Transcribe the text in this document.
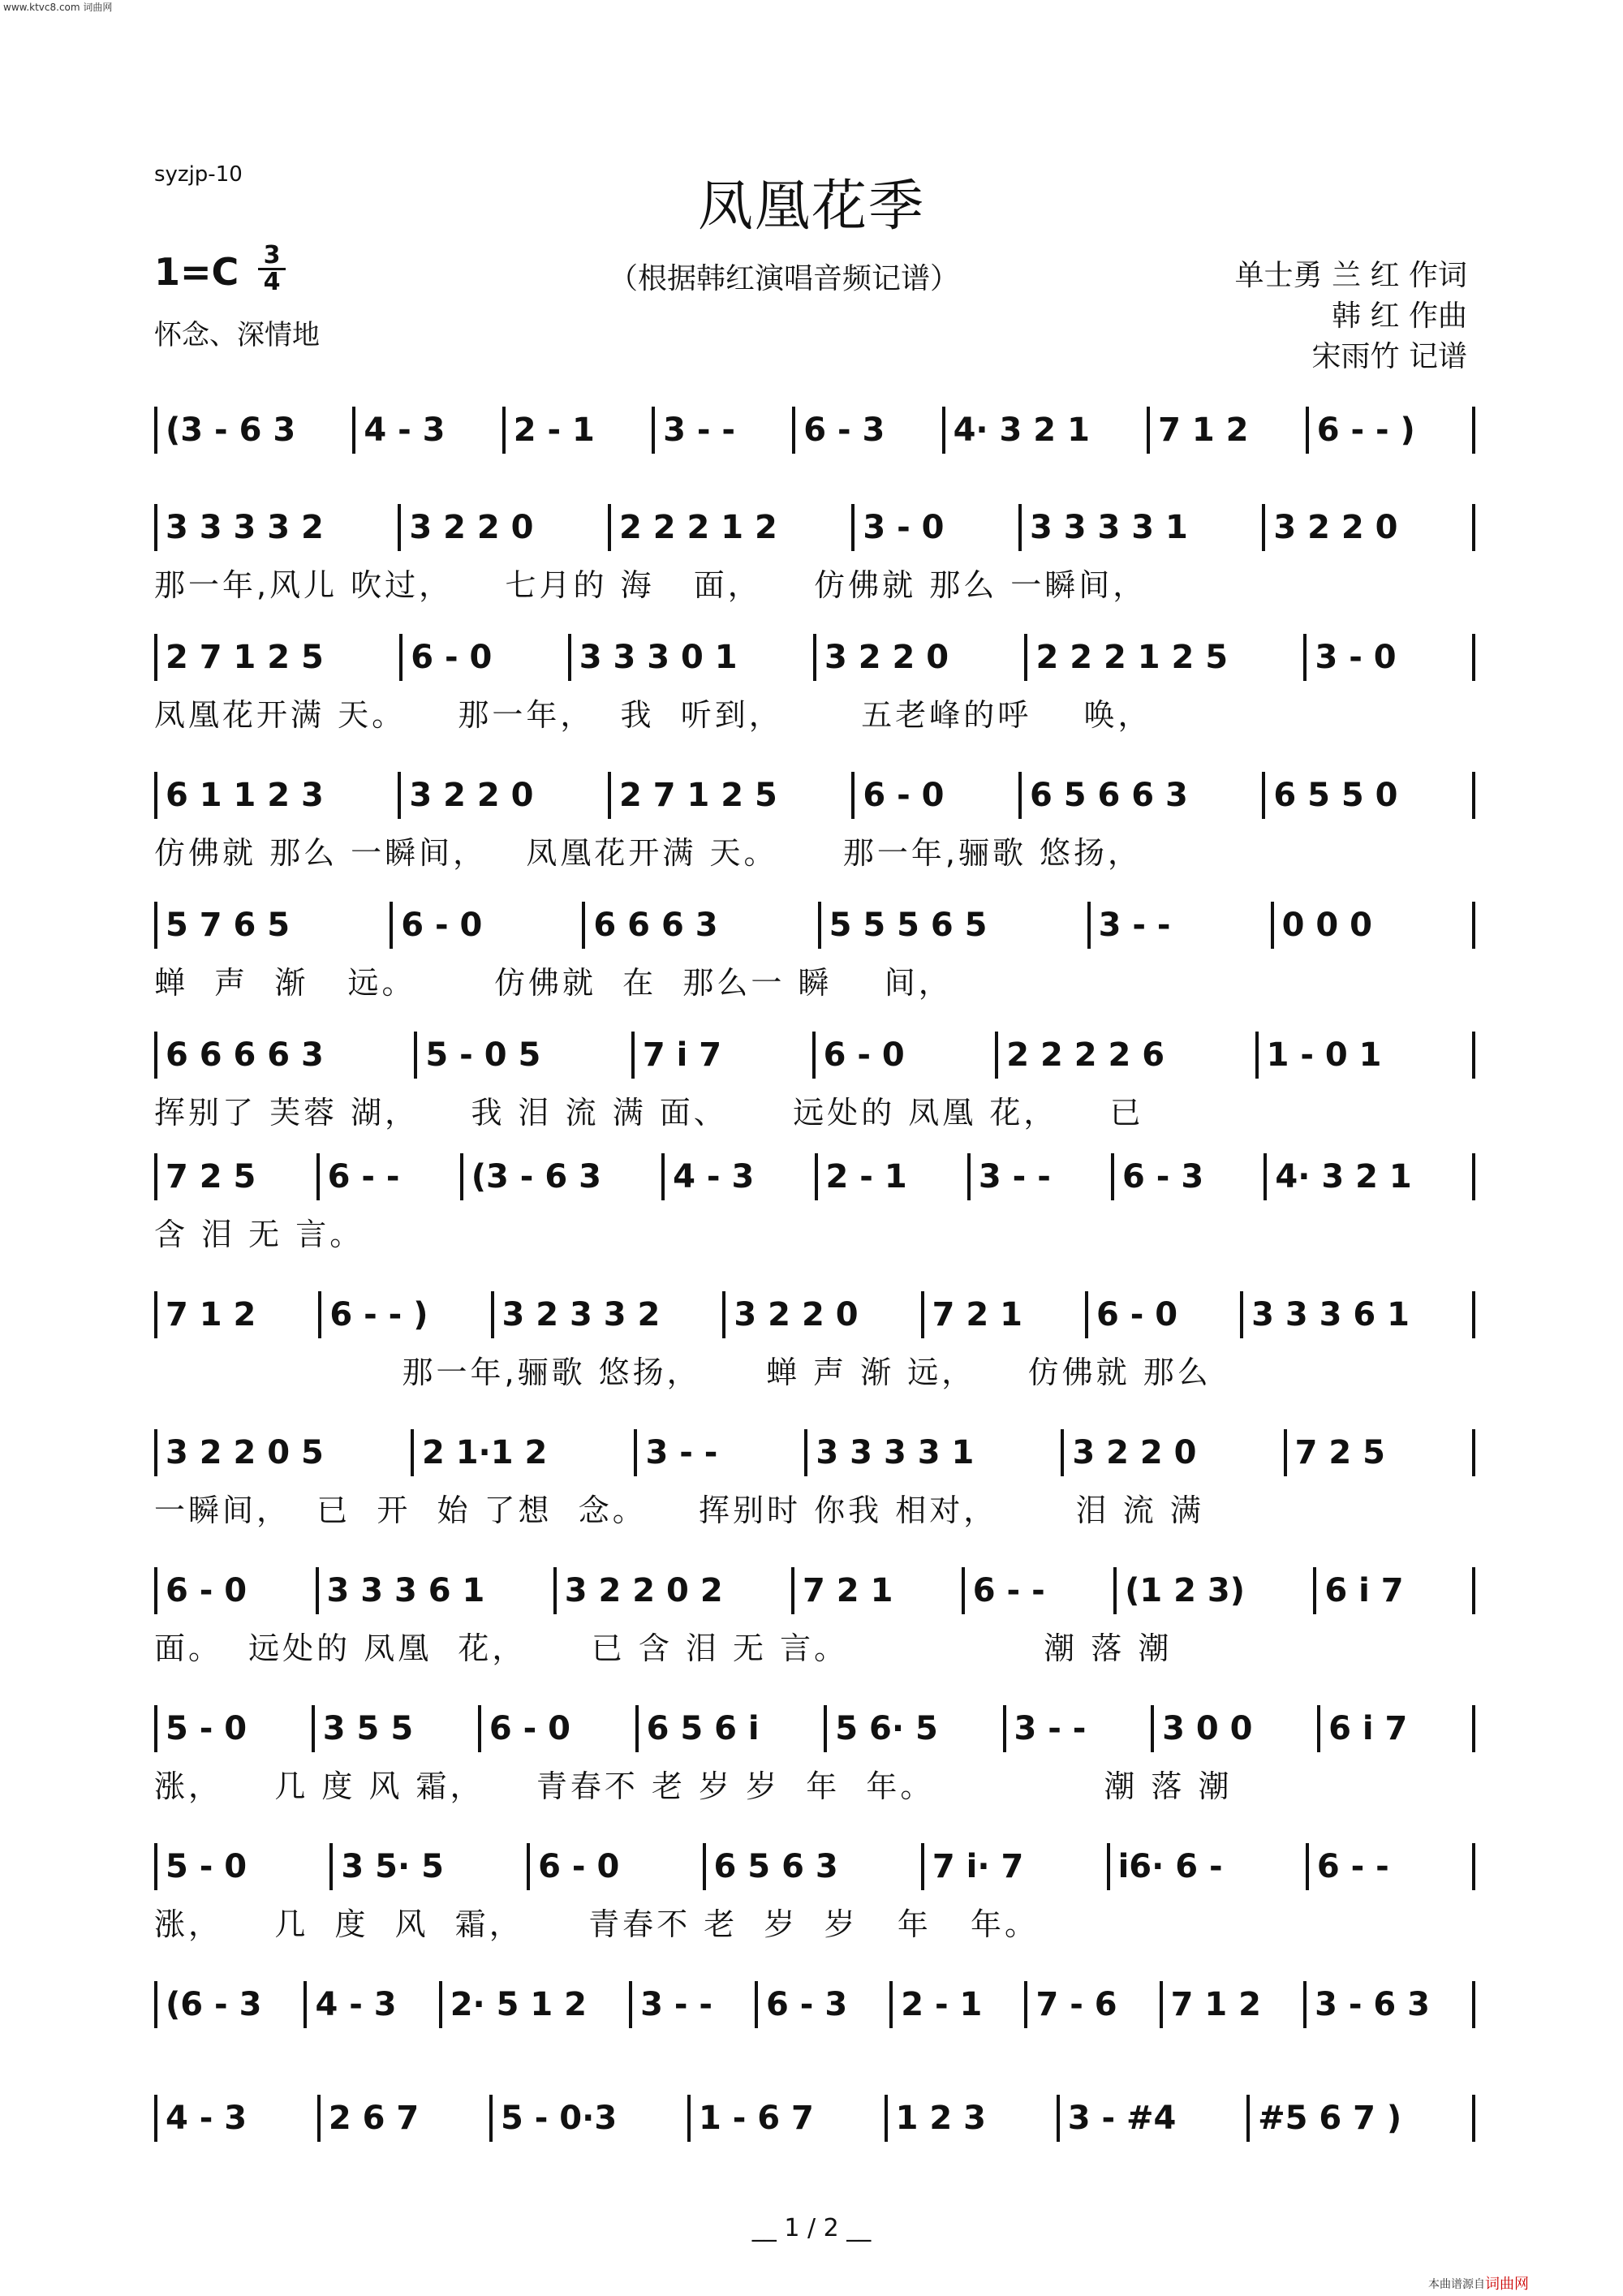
www.ktvc8.com 词曲网
syzjp-10	凤凰花季
$1=C \frac{3}{4}$
怀念、深情地
（根据韩红演唱音频记谱）	单士勇 兰 红 作词
韩 红 作曲
宋雨竹 记谱
(3 - 6 3	4 - 3	2 - 1	3 - -	6 - 3	4· 3 2 1	7 1 2	6 - - )
3 3 3 3 2	3 2 2 0	2 2 2 1 2	3 - 0	3 3 3 3 1	3 2 2 0
那一年,风儿 吹过，    七月的 海   面，    仿佛就 那么 一瞬间，
2 7 1 2 5	6 - 0	3 3 3 0 1	3 2 2 0	2 2 2 1 2 5	3 - 0
凤凰花开满 天。    那一年，  我  听到，      五老峰的呼    唤，
6 1 1 2 3	3 2 2 0	2 7 1 2 5	6 - 0	6 5 6 6 3	6 5 5 0
仿佛就 那么 一瞬间，   凤凰花开满 天。     那一年,骊歌 悠扬，
5 7 6 5	6 - 0	6 6 6 3	5 5 5 6 5	3 - -	0 0 0
蝉  声  渐   远。      仿佛就  在  那么一 瞬    间，
6 6 6 6 3	5 - 0 5	7 i 7	6 - 0	2 2 2 2 6	1 - 0 1
挥别了 芙蓉 湖，    我 泪 流 满 面、     远处的 凤凰 花，    已
7 2 5	6 - -	(3 - 6 3	4 - 3	2 - 1	3 - -	6 - 3	4· 3 2 1
含 泪 无 言。
7 1 2	6 - - )	3 2 3 3 2	3 2 2 0	7 2 1	6 - 0	3 3 3 6 1
那一年,骊歌 悠扬，     蝉 声 渐 远，    仿佛就 那么
3 2 2 0 5	2 1·1 2	3 - -	3 3 3 3 1	3 2 2 0	7 2 5
一瞬间，  已  开  始 了想  念。    挥别时 你我 相对，      泪 流 满
6 - 0	3 3 3 6 1	3 2 2 0 2	7 2 1	6 - -	(1 2 3)	6 i 7
面。  远处的 凤凰  花，     已 含 泪 无 言。               潮 落 潮
5 - 0	3 5 5	6 - 0	6 5 6 i	5 6· 5	3 - -	3 0 0	6 i 7
涨，    几 度 风 霜，    青春不 老 岁 岁  年  年。             潮 落 潮
5 - 0	3 5· 5	6 - 0	6 5 6 3	7 i· 7	i6· 6 -	6 - -
涨，    几  度  风  霜，     青春不 老  岁  岁   年   年。
(6 - 3	4 - 3	2· 5 1 2	3 - -	6 - 3	2 - 1	7 - 6	7 1 2	3 - 6 3
4 - 3	2 6 7	5 - 0·3	1 - 6 7	1 2 3	3 - #4	#5 6 7 )
__ 1 / 2 __
本曲谱源自 词曲网
